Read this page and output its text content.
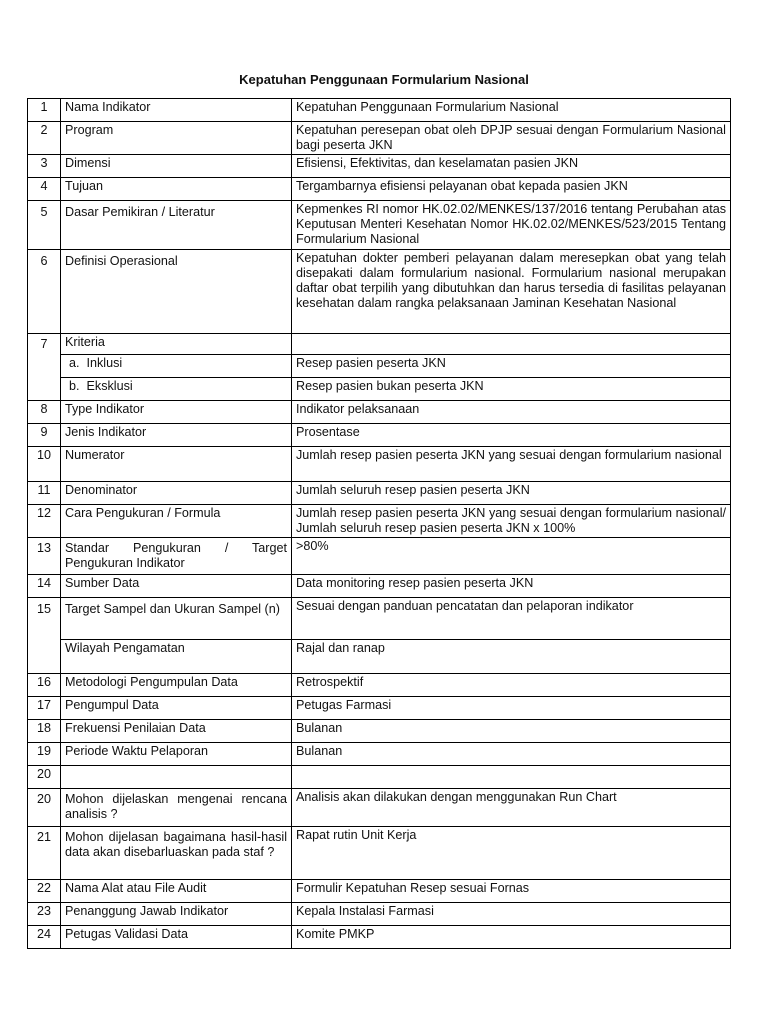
Kepatuhan Penggunaan Formularium Nasional
1	Nama Indikator	Kepatuhan Penggunaan Formularium Nasional
2	Program	Kepatuhan peresepan obat oleh DPJP sesuai dengan Formularium Nasional bagi peserta JKN
3	Dimensi	Efisiensi, Efektivitas, dan keselamatan pasien JKN
4	Tujuan	Tergambarnya efisiensi pelayanan obat kepada pasien JKN
5	Dasar Pemikiran / Literatur	Kepmenkes RI nomor HK.02.02/MENKES/137/2016 tentang Perubahan atas Keputusan Menteri Kesehatan Nomor HK.02.02/MENKES/523/2015 Tentang Formularium Nasional
6	Definisi Operasional	Kepatuhan dokter pemberi pelayanan dalam meresepkan obat yang telah disepakati dalam formularium nasional. Formularium nasional merupakan daftar obat terpilih yang dibutuhkan dan harus tersedia di fasilitas pelayanan kesehatan dalam rangka pelaksanaan Jaminan Kesehatan Nasional
7	Kriteria	
	a.  Inklusi	Resep pasien peserta JKN
	b.  Eksklusi	Resep pasien bukan peserta JKN
8	Type Indikator	Indikator pelaksanaan
9	Jenis Indikator	Prosentase
10	Numerator	Jumlah resep pasien peserta JKN yang sesuai dengan formularium nasional
11	Denominator	Jumlah seluruh resep pasien peserta JKN
12	Cara Pengukuran / Formula	Jumlah resep pasien peserta JKN yang sesuai dengan formularium nasional/ Jumlah seluruh resep pasien peserta JKN x 100%
13	Standar Pengukuran / Target Pengukuran Indikator	>80%
14	Sumber Data	Data monitoring resep pasien peserta JKN
15	Target Sampel dan Ukuran Sampel (n)	Sesuai dengan panduan pencatatan dan pelaporan indikator
	Wilayah Pengamatan	Rajal dan ranap
16	Metodologi Pengumpulan Data	Retrospektif
17	Pengumpul Data	Petugas Farmasi
18	Frekuensi Penilaian Data	Bulanan
19	Periode Waktu Pelaporan	Bulanan
20		
20	Mohon dijelaskan mengenai rencana analisis ?	Analisis akan dilakukan dengan menggunakan Run Chart
21	Mohon dijelasan bagaimana hasil-hasil data akan disebarluaskan pada staf ?	Rapat rutin Unit Kerja
22	Nama Alat atau File Audit	Formulir Kepatuhan Resep sesuai Fornas
23	Penanggung Jawab Indikator	Kepala Instalasi Farmasi
24	Petugas Validasi Data	Komite PMKP
